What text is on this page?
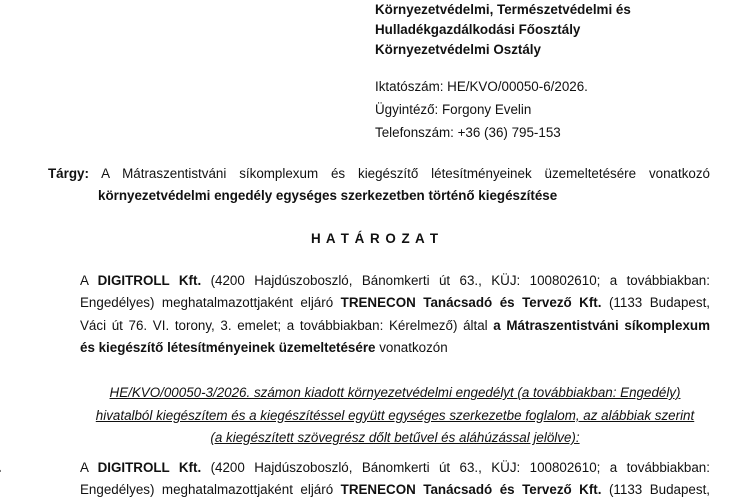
Környezetvédelmi, Természetvédelmi és
Hulladékgazdálkodási Főosztály
Környezetvédelmi Osztály
Iktatószám: HE/KVO/00050-6/2026.
Ügyintéző: Forgony Evelin
Telefonszám: +36 (36) 795-153
Tárgy: A Mátraszentistváni síkomplexum és kiegészítő létesítményeinek üzemeltetésére vonatkozó
környezetvédelmi engedély egységes szerkezetben történő kiegészítése
H A T Á R O Z A T
A DIGITROLL Kft. (4200 Hajdúszoboszló, Bánomkerti út 63., KÜJ: 100802610; a továbbiakban:
Engedélyes) meghatalmazottjaként eljáró TRENECON Tanácsadó és Tervező Kft. (1133 Budapest,
Váci út 76. VI. torony, 3. emelet; a továbbiakban: Kérelmező) által a Mátraszentistváni síkomplexum
és kiegészítő létesítményeinek üzemeltetésére vonatkozón
HE/KVO/00050-3/2026. számon kiadott környezetvédelmi engedélyt (a továbbiakban: Engedély)
hivatalból kiegészítem és a kiegészítéssel együtt egységes szerkezetbe foglalom, az alábbiak szerint
(a kiegészített szövegrész dőlt betűvel és aláhúzással jelölve):
A DIGITROLL Kft. (4200 Hajdúszoboszló, Bánomkerti út 63., KÜJ: 100802610; a továbbiakban:
Engedélyes) meghatalmazottjaként eljáró TRENECON Tanácsadó és Tervező Kft. (1133 Budapest,
